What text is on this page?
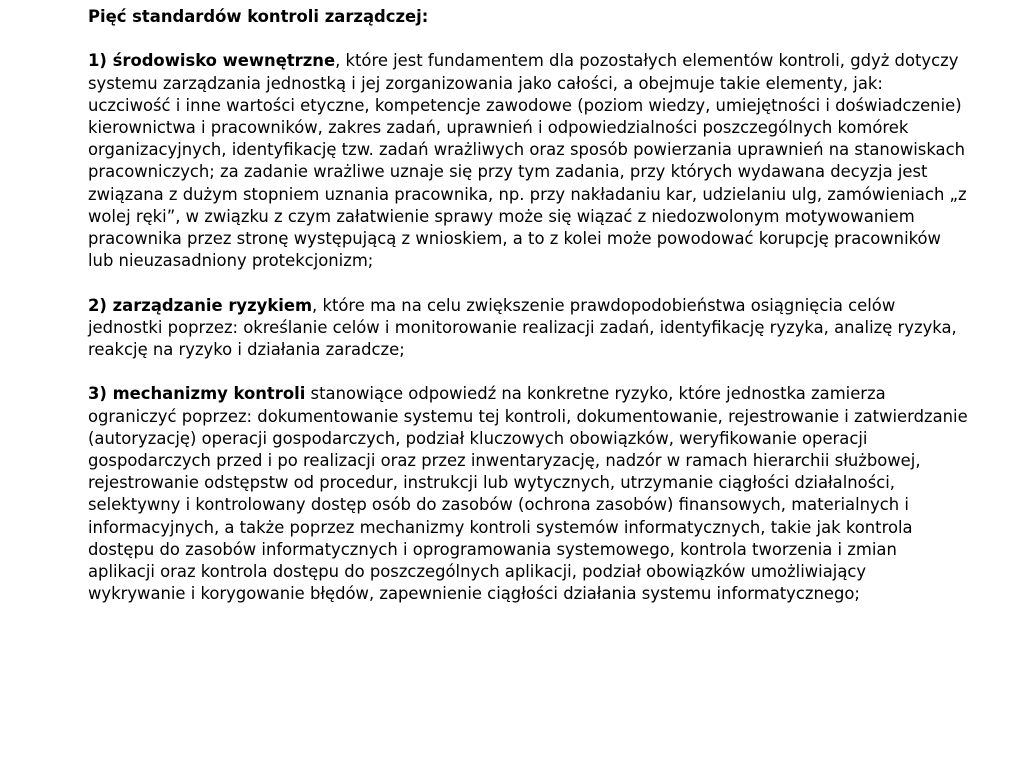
Pięć standardów kontroli zarządczej:

1) środowisko wewnętrzne, które jest fundamentem dla pozostałych elementów kontroli, gdyż dotyczy systemu zarządzania jednostką i jej zorganizowania jako całości, a obejmuje takie elementy, jak: uczciwość i inne wartości etyczne, kompetencje zawodowe (poziom wiedzy, umiejętności i doświadczenie) kierownictwa i pracowników, zakres zadań, uprawnień i odpowiedzialności poszczególnych komórek organizacyjnych, identyfikację tzw. zadań wrażliwych oraz sposób powierzania uprawnień na stanowiskach pracowniczych; za zadanie wrażliwe uznaje się przy tym zadania, przy których wydawana decyzja jest związana z dużym stopniem uznania pracownika, np. przy nakładaniu kar, udzielaniu ulg, zamówieniach „z wolej ręki”, w związku z czym załatwienie sprawy może się wiązać z niedozwolonym motywowaniem pracownika przez stronę występującą z wnioskiem, a to z kolei może powodować korupcję pracowników lub nieuzasadniony protekcjonizm;

2) zarządzanie ryzykiem, które ma na celu zwiększenie prawdopodobieństwa osiągnięcia celów jednostki poprzez: określanie celów i monitorowanie realizacji zadań, identyfikację ryzyka, analizę ryzyka, reakcję na ryzyko i działania zaradcze;

3) mechanizmy kontroli stanowiące odpowiedź na konkretne ryzyko, które jednostka zamierza ograniczyć poprzez: dokumentowanie systemu tej kontroli, dokumentowanie, rejestrowanie i zatwierdzanie (autoryzację) operacji gospodarczych, podział kluczowych obowiązków, weryfikowanie operacji gospodarczych przed i po realizacji oraz przez inwentaryzację, nadzór w ramach hierarchii służbowej, rejestrowanie odstępstw od procedur, instrukcji lub wytycznych, utrzymanie ciągłości działalności, selektywny i kontrolowany dostęp osób do zasobów (ochrona zasobów) finansowych, materialnych i informacyjnych, a także poprzez mechanizmy kontroli systemów informatycznych, takie jak kontrola dostępu do zasobów informatycznych i oprogramowania systemowego, kontrola tworzenia i zmian aplikacji oraz kontrola dostępu do poszczególnych aplikacji, podział obowiązków umożliwiający wykrywanie i korygowanie błędów, zapewnienie ciągłości działania systemu informatycznego;
